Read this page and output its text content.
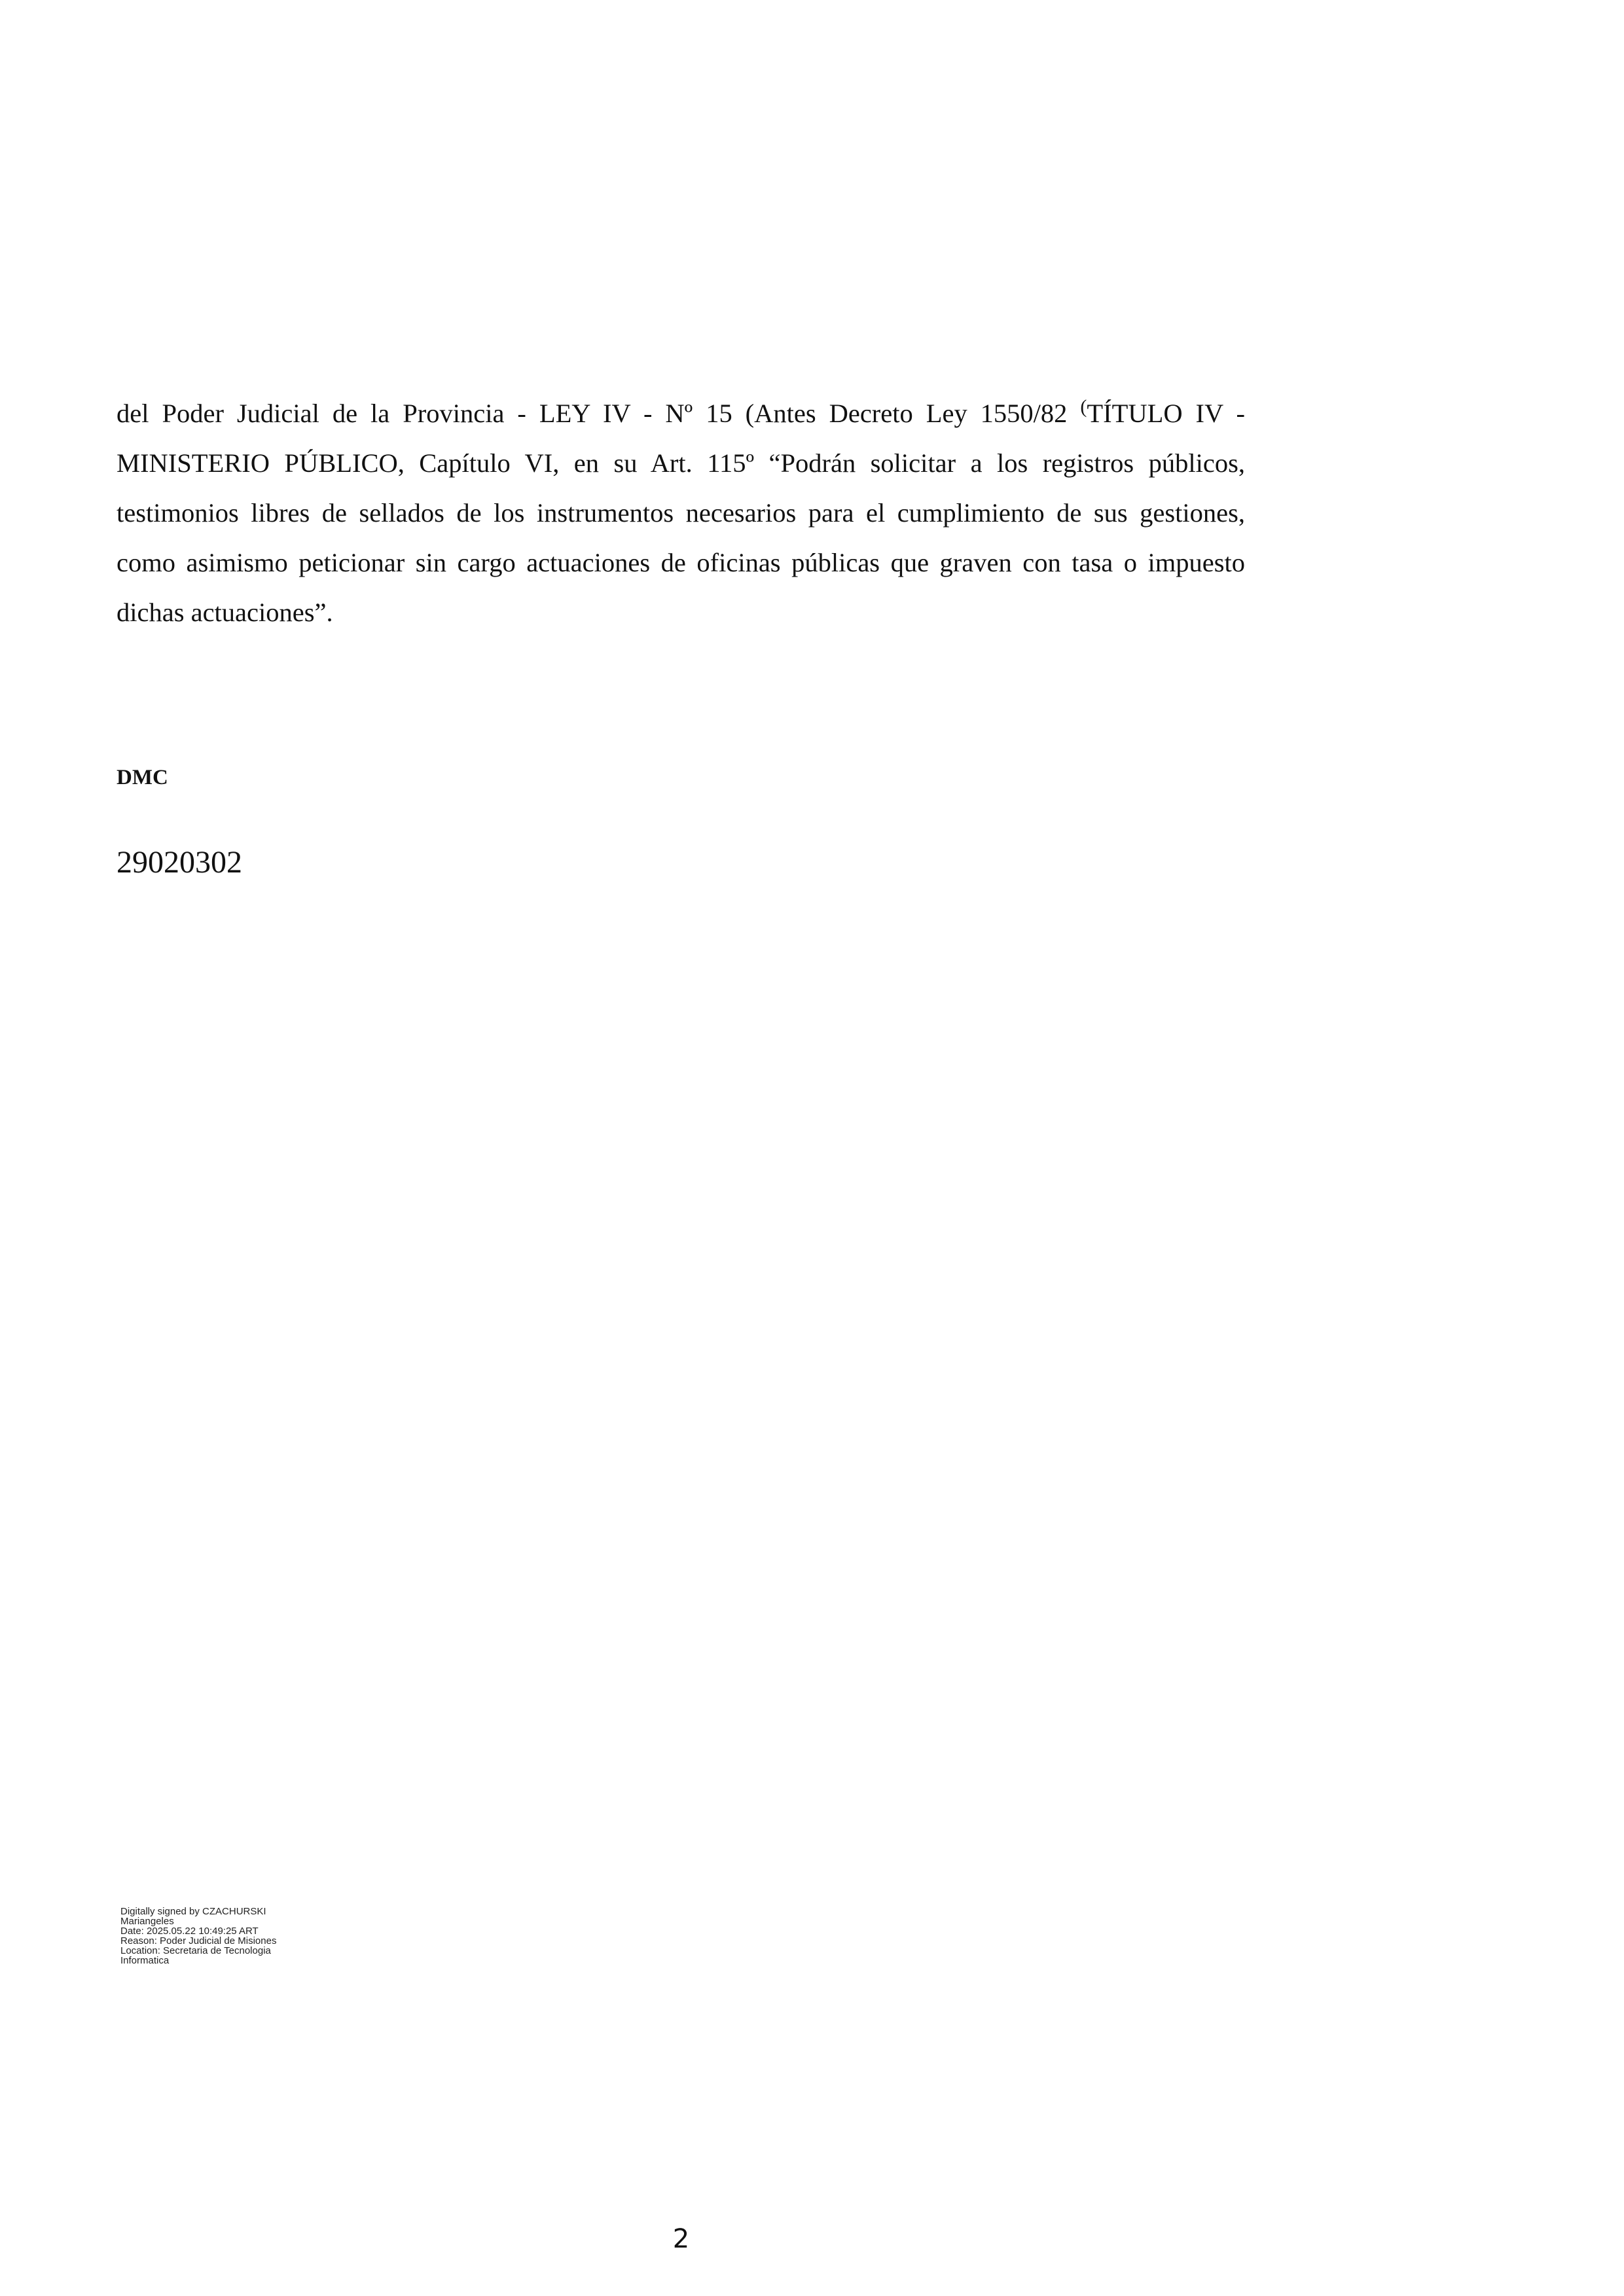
del Poder Judicial de la Provincia - LEY IV - Nº 15 (Antes Decreto Ley 1550/82 (TÍTULO IV -
MINISTERIO PÚBLICO, Capítulo VI, en su Art. 115º “Podrán solicitar a los registros públicos,
testimonios libres de sellados de los instrumentos necesarios para el cumplimiento de sus gestiones,
como asimismo peticionar sin cargo actuaciones de oficinas públicas que graven con tasa o impuesto
dichas actuaciones”.

DMC

29020302

Digitally signed by CZACHURSKI
Mariangeles
Date: 2025.05.22 10:49:25 ART
Reason: Poder Judicial de Misiones
Location: Secretaria de Tecnologia
Informatica

2
